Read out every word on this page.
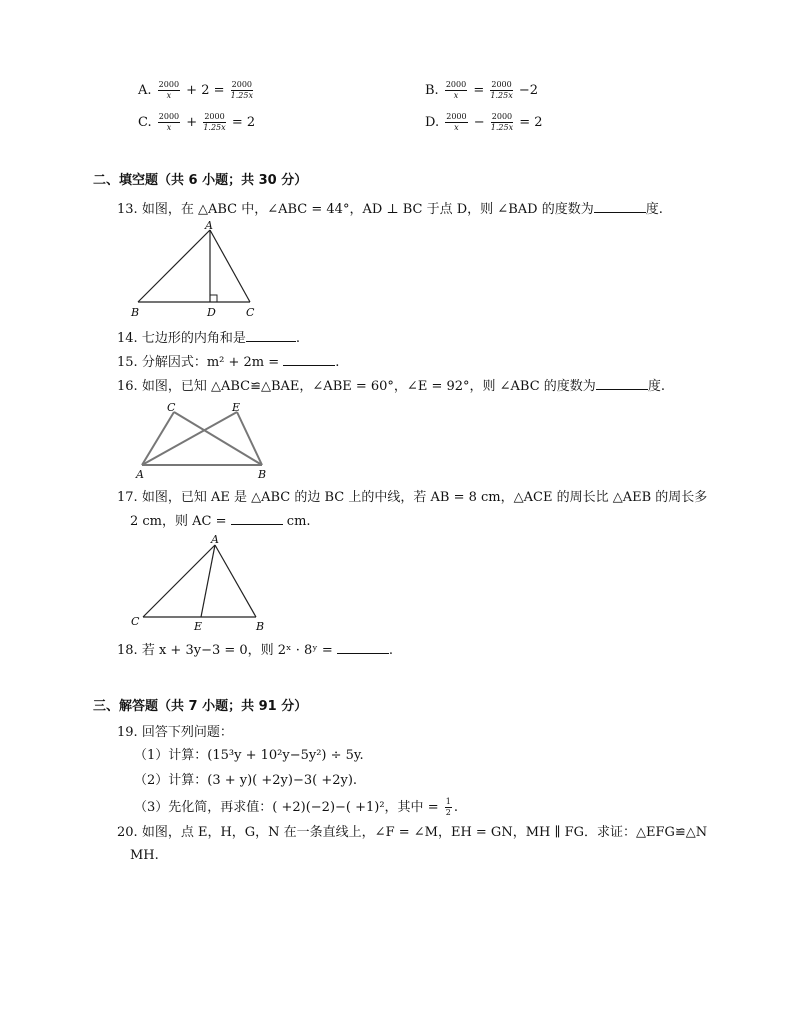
A. $\frac{2000}{x} + 2 = \frac{2000}{1.25x}$	B. $\frac{2000}{x} = \frac{2000}{1.25x} -2$
C. $\frac{2000}{x} + \frac{2000}{1.25x} = 2$	D. $\frac{2000}{x} - \frac{2000}{1.25x} = 2$
二、填空题（共 6 小题；共 30 分）
13. 如图，在 △ABC 中，∠ABC = 44°，AD ⊥ BC 于点 D，则 ∠BAD 的度数为	度.
A
B	D	C
14. 七边形的内角和是	.
15. 分解因式：m² + 2m =	.
16. 如图，已知 △ABC≌△BAE，∠ABE = 60°，∠E = 92°，则 ∠ABC 的度数为	度.
C	E
A	B
17. 如图，已知 AE 是 △ABC 的边 BC 上的中线，若 AB = 8 cm，△ACE 的周长比 △AEB 的周长多
2 cm，则 AC =	cm.
A
C	E	B
18. 若 x + 3y−3 = 0，则 2ˣ · 8ʸ =	.
三、解答题（共 7 小题；共 91 分）
19. 回答下列问题：
（1）计算：(15³y + 10²y−5y²) ÷ 5y.
（2）计算：(3 + y)( +2y)−3( +2y).
（3）先化简，再求值：( +2)(−2)−( +1)²，其中 = $\frac{1}{2}$ .
20. 如图，点 E，H，G，N 在一条直线上，∠F = ∠M，EH = GN，MH ∥ FG．求证：△EFG≌△N
MH.
